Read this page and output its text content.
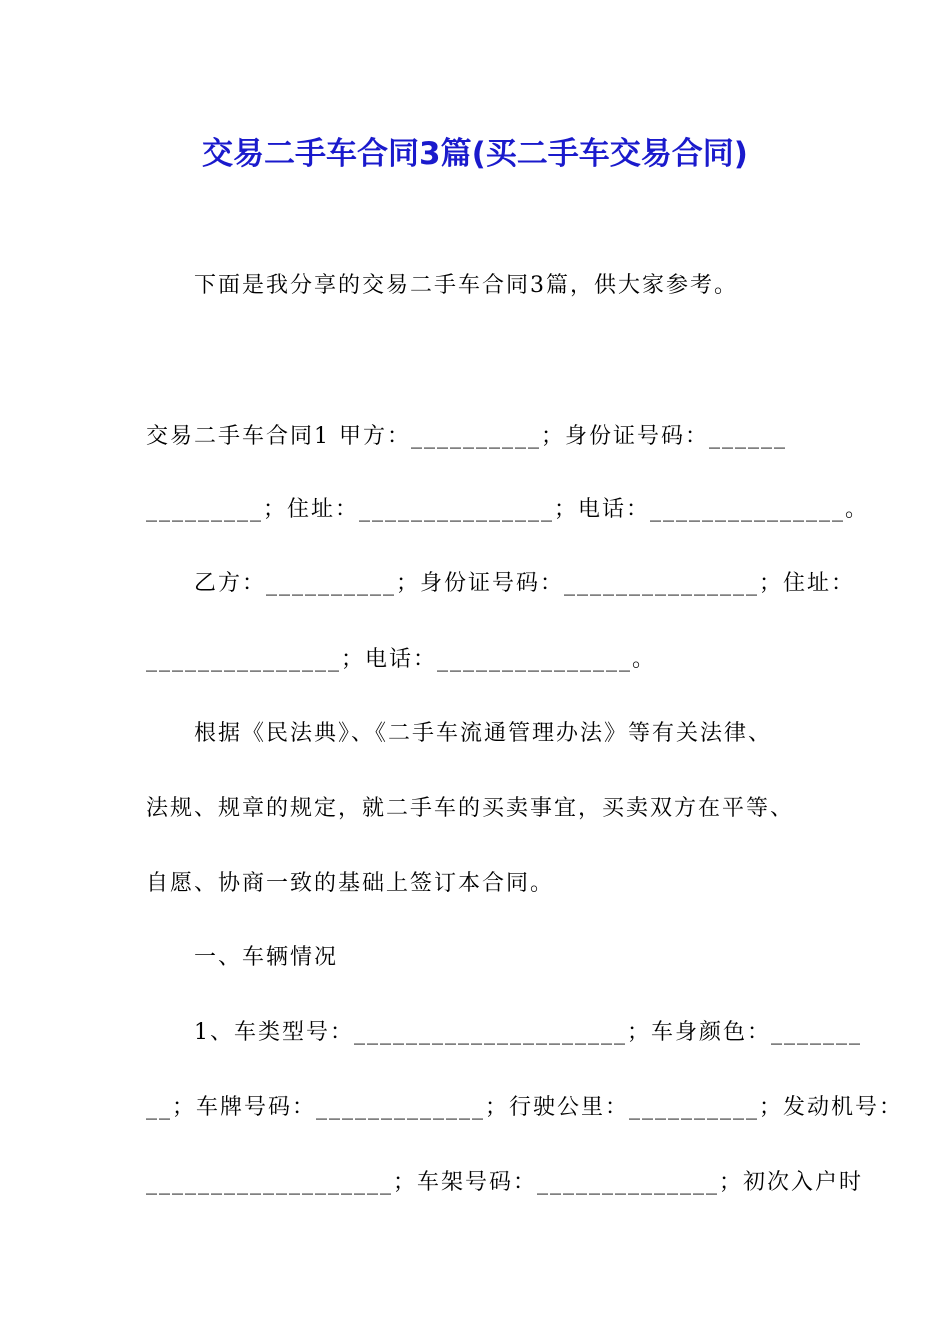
交易二手车合同3篇(买二手车交易合同)
下面是我分享的交易二手车合同3篇，供大家参考。
交易二手车合同1 甲方：__________；身份证号码：______
_________；住址：_______________；电话：_______________。
乙方：__________；身份证号码：_______________；住址：
_______________；电话：_______________。
根据《民法典》、《二手车流通管理办法》等有关法律、
法规、规章的规定，就二手车的买卖事宜，买卖双方在平等、
自愿、协商一致的基础上签订本合同。
一、车辆情况
1、车类型号：_____________________；车身颜色：_______
__；车牌号码：_____________；行驶公里：__________；发动机号：
___________________；车架号码：______________；初次入户时
